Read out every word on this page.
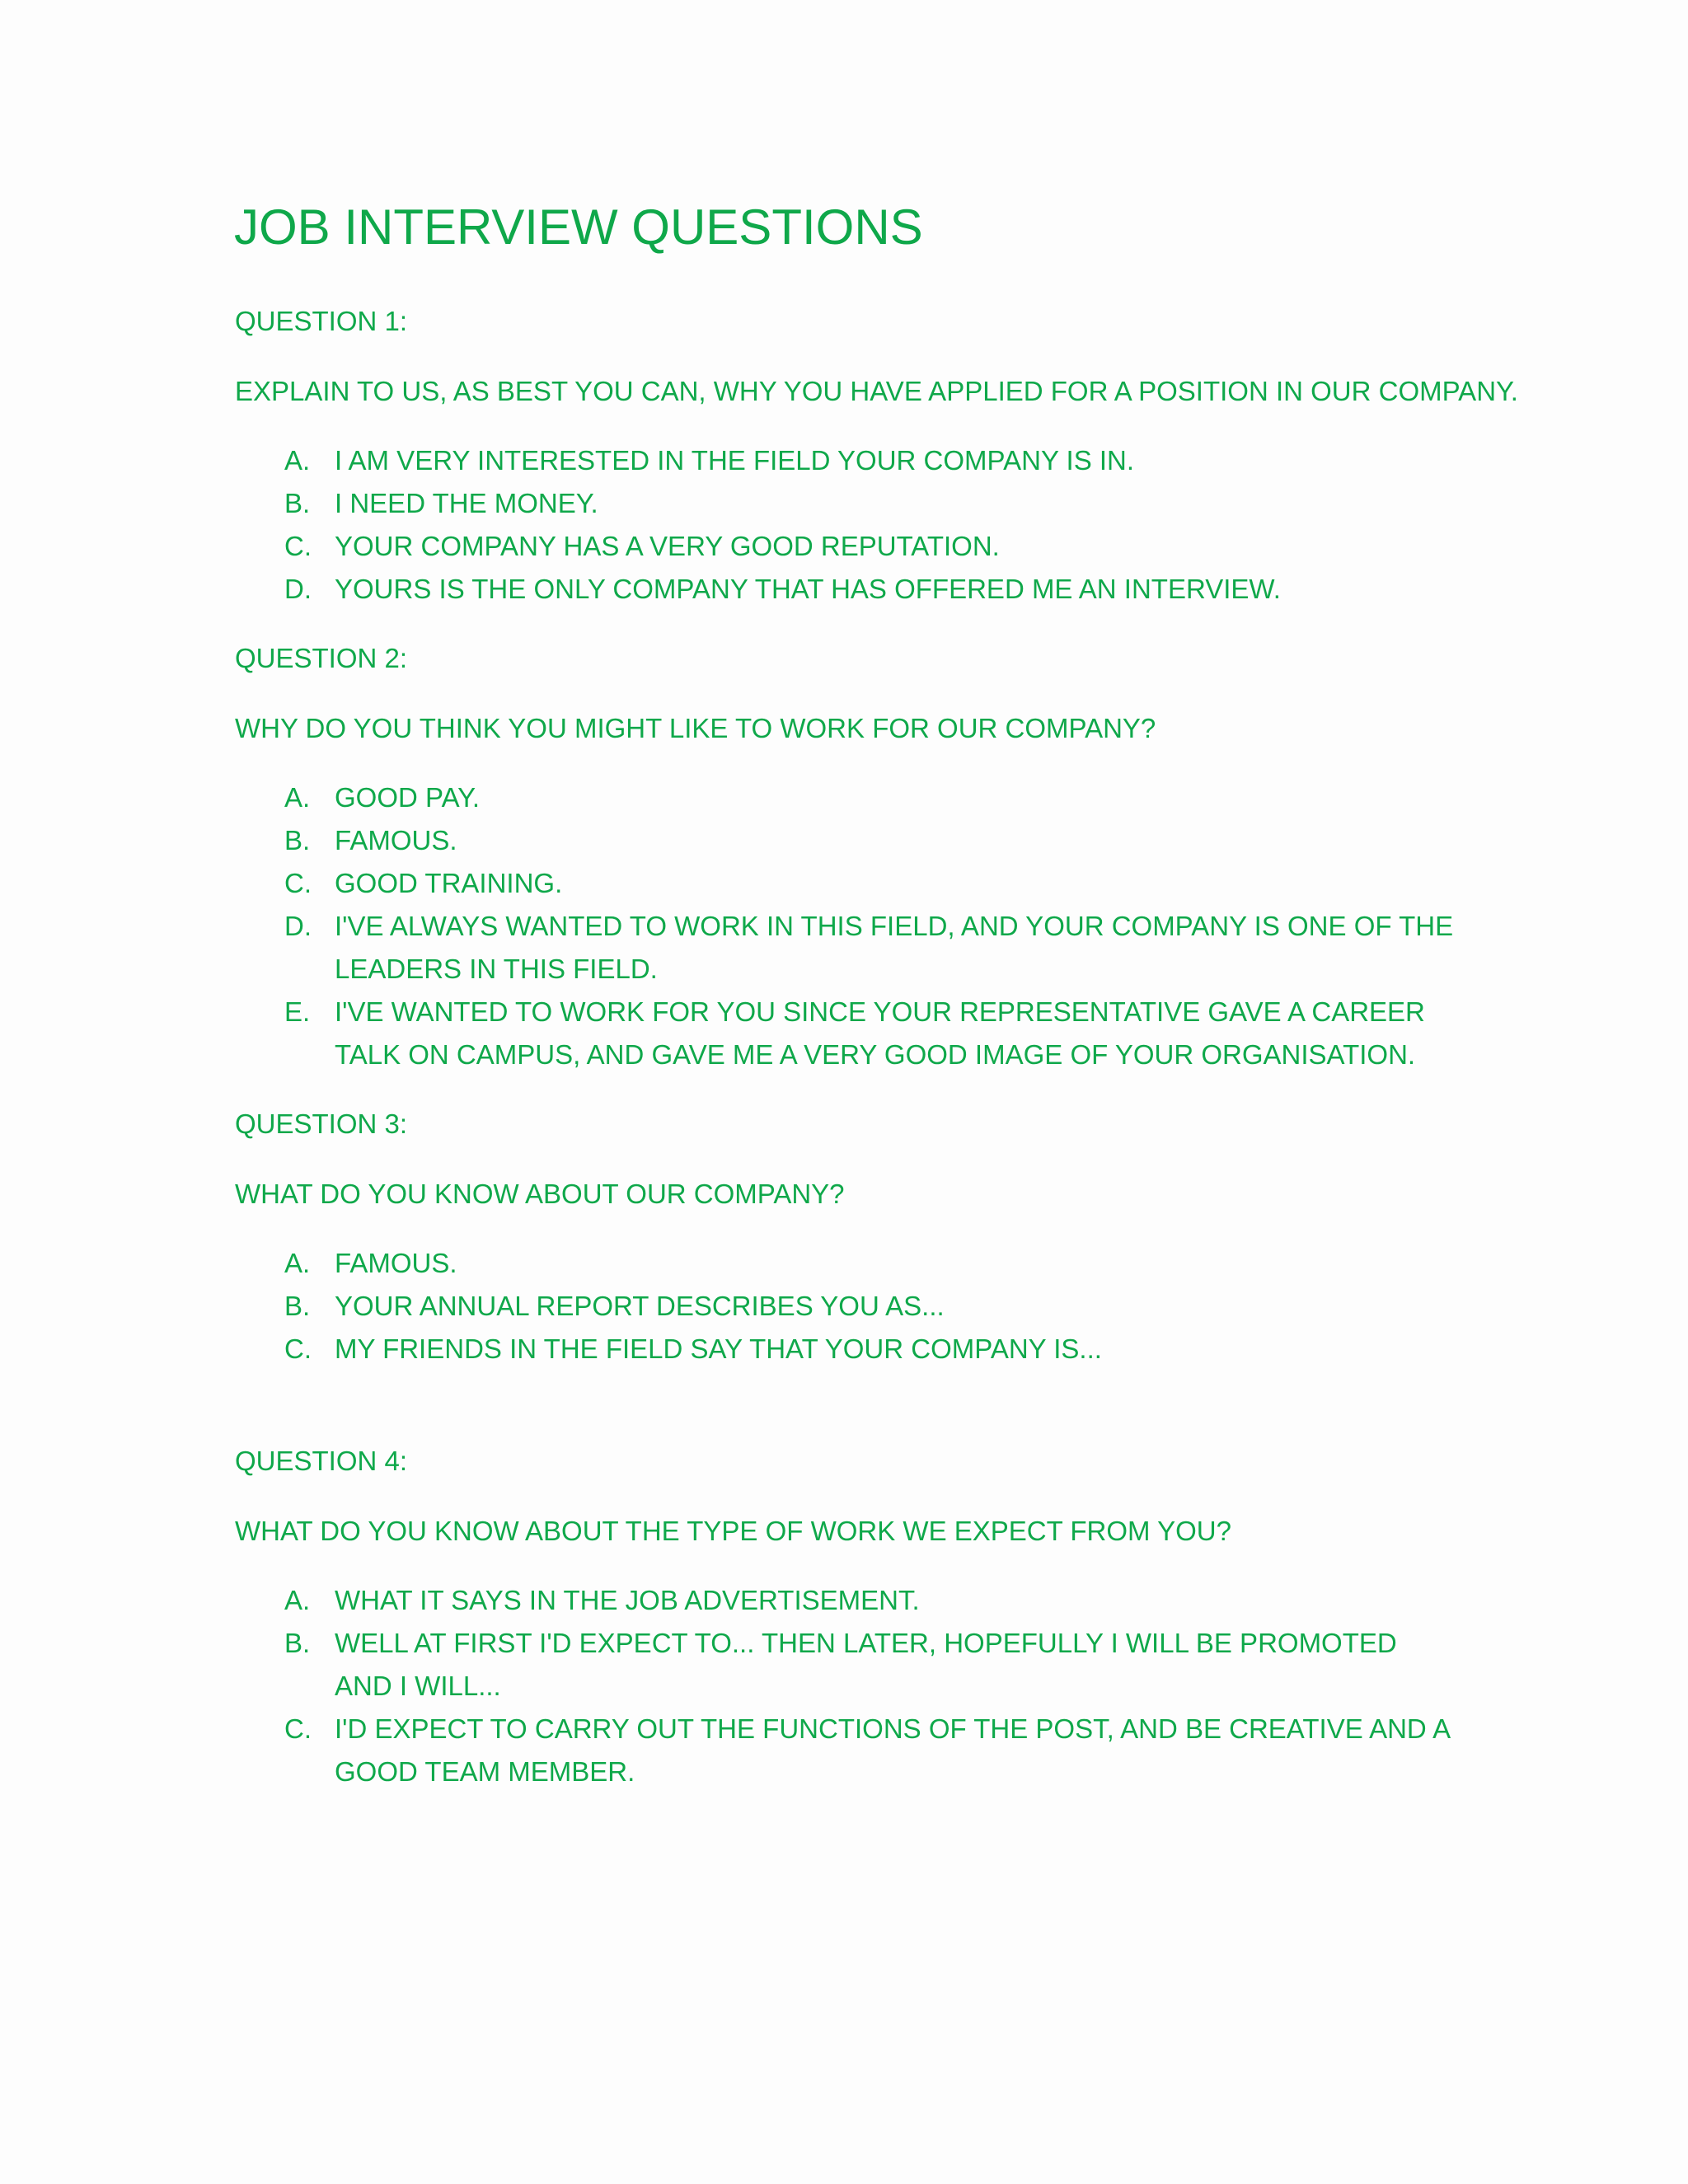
JOB INTERVIEW QUESTIONS

QUESTION 1:

EXPLAIN TO US, AS BEST YOU CAN, WHY YOU HAVE APPLIED FOR A POSITION IN OUR COMPANY.

A. I AM VERY INTERESTED IN THE FIELD YOUR COMPANY IS IN.
B. I NEED THE MONEY.
C. YOUR COMPANY HAS A VERY GOOD REPUTATION.
D. YOURS IS THE ONLY COMPANY THAT HAS OFFERED ME AN INTERVIEW.

QUESTION 2:

WHY DO YOU THINK YOU MIGHT LIKE TO WORK FOR OUR COMPANY?

A. GOOD PAY.
B. FAMOUS.
C. GOOD TRAINING.
D. I'VE ALWAYS WANTED TO WORK IN THIS FIELD, AND YOUR COMPANY IS ONE OF THE LEADERS IN THIS FIELD.
E. I'VE WANTED TO WORK FOR YOU SINCE YOUR REPRESENTATIVE GAVE A CAREER TALK ON CAMPUS, AND GAVE ME A VERY GOOD IMAGE OF YOUR ORGANISATION.

QUESTION 3:

WHAT DO YOU KNOW ABOUT OUR COMPANY?

A. FAMOUS.
B. YOUR ANNUAL REPORT DESCRIBES YOU AS...
C. MY FRIENDS IN THE FIELD SAY THAT YOUR COMPANY IS...

QUESTION 4:

WHAT DO YOU KNOW ABOUT THE TYPE OF WORK WE EXPECT FROM YOU?

A. WHAT IT SAYS IN THE JOB ADVERTISEMENT.
B. WELL AT FIRST I'D EXPECT TO... THEN LATER, HOPEFULLY I WILL BE PROMOTED AND I WILL...
C. I'D EXPECT TO CARRY OUT THE FUNCTIONS OF THE POST, AND BE CREATIVE AND A GOOD TEAM MEMBER.
